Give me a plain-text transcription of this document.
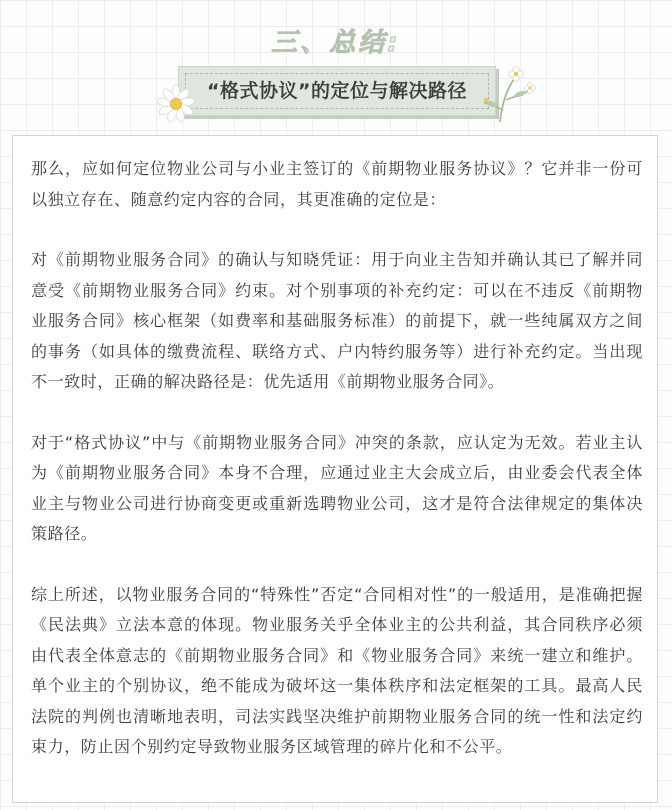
三、总结:
“格式协议”的定位与解决路径

那么，应如何定位物业公司与小业主签订的《前期物业服务协议》？它并非一份可以独立存在、随意约定内容的合同，其更准确的定位是：

对《前期物业服务合同》的确认与知晓凭证：用于向业主告知并确认其已了解并同意受《前期物业服务合同》约束。对个别事项的补充约定：可以在不违反《前期物业服务合同》核心框架（如费率和基础服务标准）的前提下，就一些纯属双方之间的事务（如具体的缴费流程、联络方式、户内特约服务等）进行补充约定。当出现不一致时，正确的解决路径是：优先适用《前期物业服务合同》。

对于“格式协议”中与《前期物业服务合同》冲突的条款，应认定为无效。若业主认为《前期物业服务合同》本身不合理，应通过业主大会成立后，由业委会代表全体业主与物业公司进行协商变更或重新选聘物业公司，这才是符合法律规定的集体决策路径。

综上所述，以物业服务合同的“特殊性”否定“合同相对性”的一般适用，是准确把握《民法典》立法本意的体现。物业服务关乎全体业主的公共利益，其合同秩序必须由代表全体意志的《前期物业服务合同》和《物业服务合同》来统一建立和维护。单个业主的个别协议，绝不能成为破坏这一集体秩序和法定框架的工具。最高人民法院的判例也清晰地表明，司法实践坚决维护前期物业服务合同的统一性和法定约束力，防止因个别约定导致物业服务区域管理的碎片化和不公平。
